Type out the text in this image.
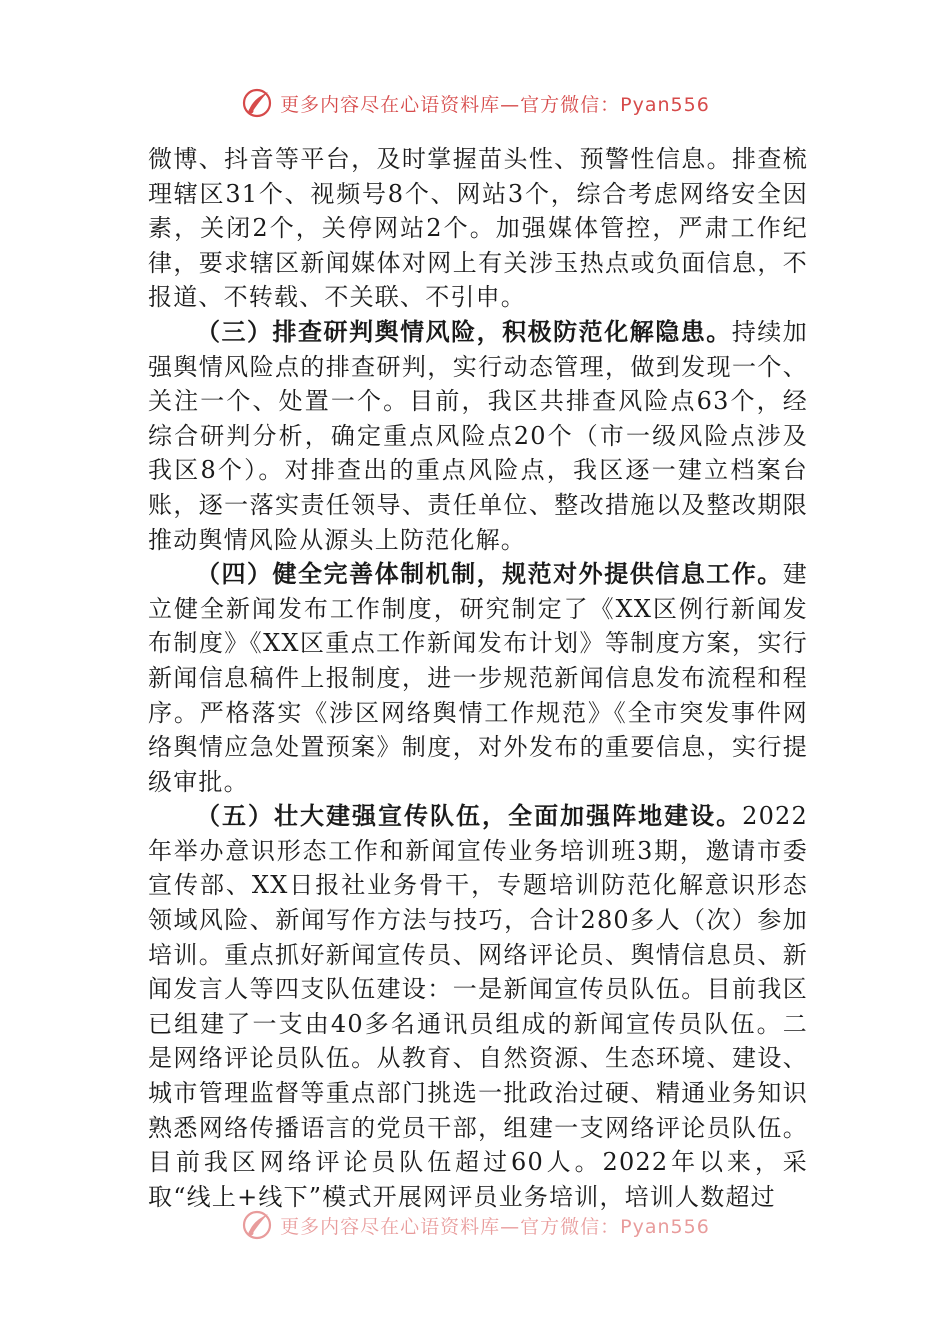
更多内容尽在心语资料库—官方微信：Pyan556

微博、抖音等平台，及时掌握苗头性、预警性信息。排查梳理辖区31个、视频号8个、网站3个，综合考虑网络安全因素，关闭2个，关停网站2个。加强媒体管控，严肃工作纪律，要求辖区新闻媒体对网上有关涉玉热点或负面信息，不报道、不转载、不关联、不引申。

（三）排查研判舆情风险，积极防范化解隐患。持续加强舆情风险点的排查研判，实行动态管理，做到发现一个、关注一个、处置一个。目前，我区共排查风险点63个，经综合研判分析，确定重点风险点20个（市一级风险点涉及我区8个）。对排查出的重点风险点，我区逐一建立档案台账，逐一落实责任领导、责任单位、整改措施以及整改期限推动舆情风险从源头上防范化解。

（四）健全完善体制机制，规范对外提供信息工作。建立健全新闻发布工作制度，研究制定了《XX区例行新闻发布制度》《XX区重点工作新闻发布计划》等制度方案，实行新闻信息稿件上报制度，进一步规范新闻信息发布流程和程序。严格落实《涉区网络舆情工作规范》《全市突发事件网络舆情应急处置预案》制度，对外发布的重要信息，实行提级审批。

（五）壮大建强宣传队伍，全面加强阵地建设。2022年举办意识形态工作和新闻宣传业务培训班3期，邀请市委宣传部、XX日报社业务骨干，专题培训防范化解意识形态领域风险、新闻写作方法与技巧，合计280多人（次）参加培训。重点抓好新闻宣传员、网络评论员、舆情信息员、新闻发言人等四支队伍建设：一是新闻宣传员队伍。目前我区已组建了一支由40多名通讯员组成的新闻宣传员队伍。二是网络评论员队伍。从教育、自然资源、生态环境、建设、城市管理监督等重点部门挑选一批政治过硬、精通业务知识熟悉网络传播语言的党员干部，组建一支网络评论员队伍。目前我区网络评论员队伍超过60人。2022年以来，采取“线上+线下”模式开展网评员业务培训，培训人数超过

更多内容尽在心语资料库—官方微信：Pyan556
